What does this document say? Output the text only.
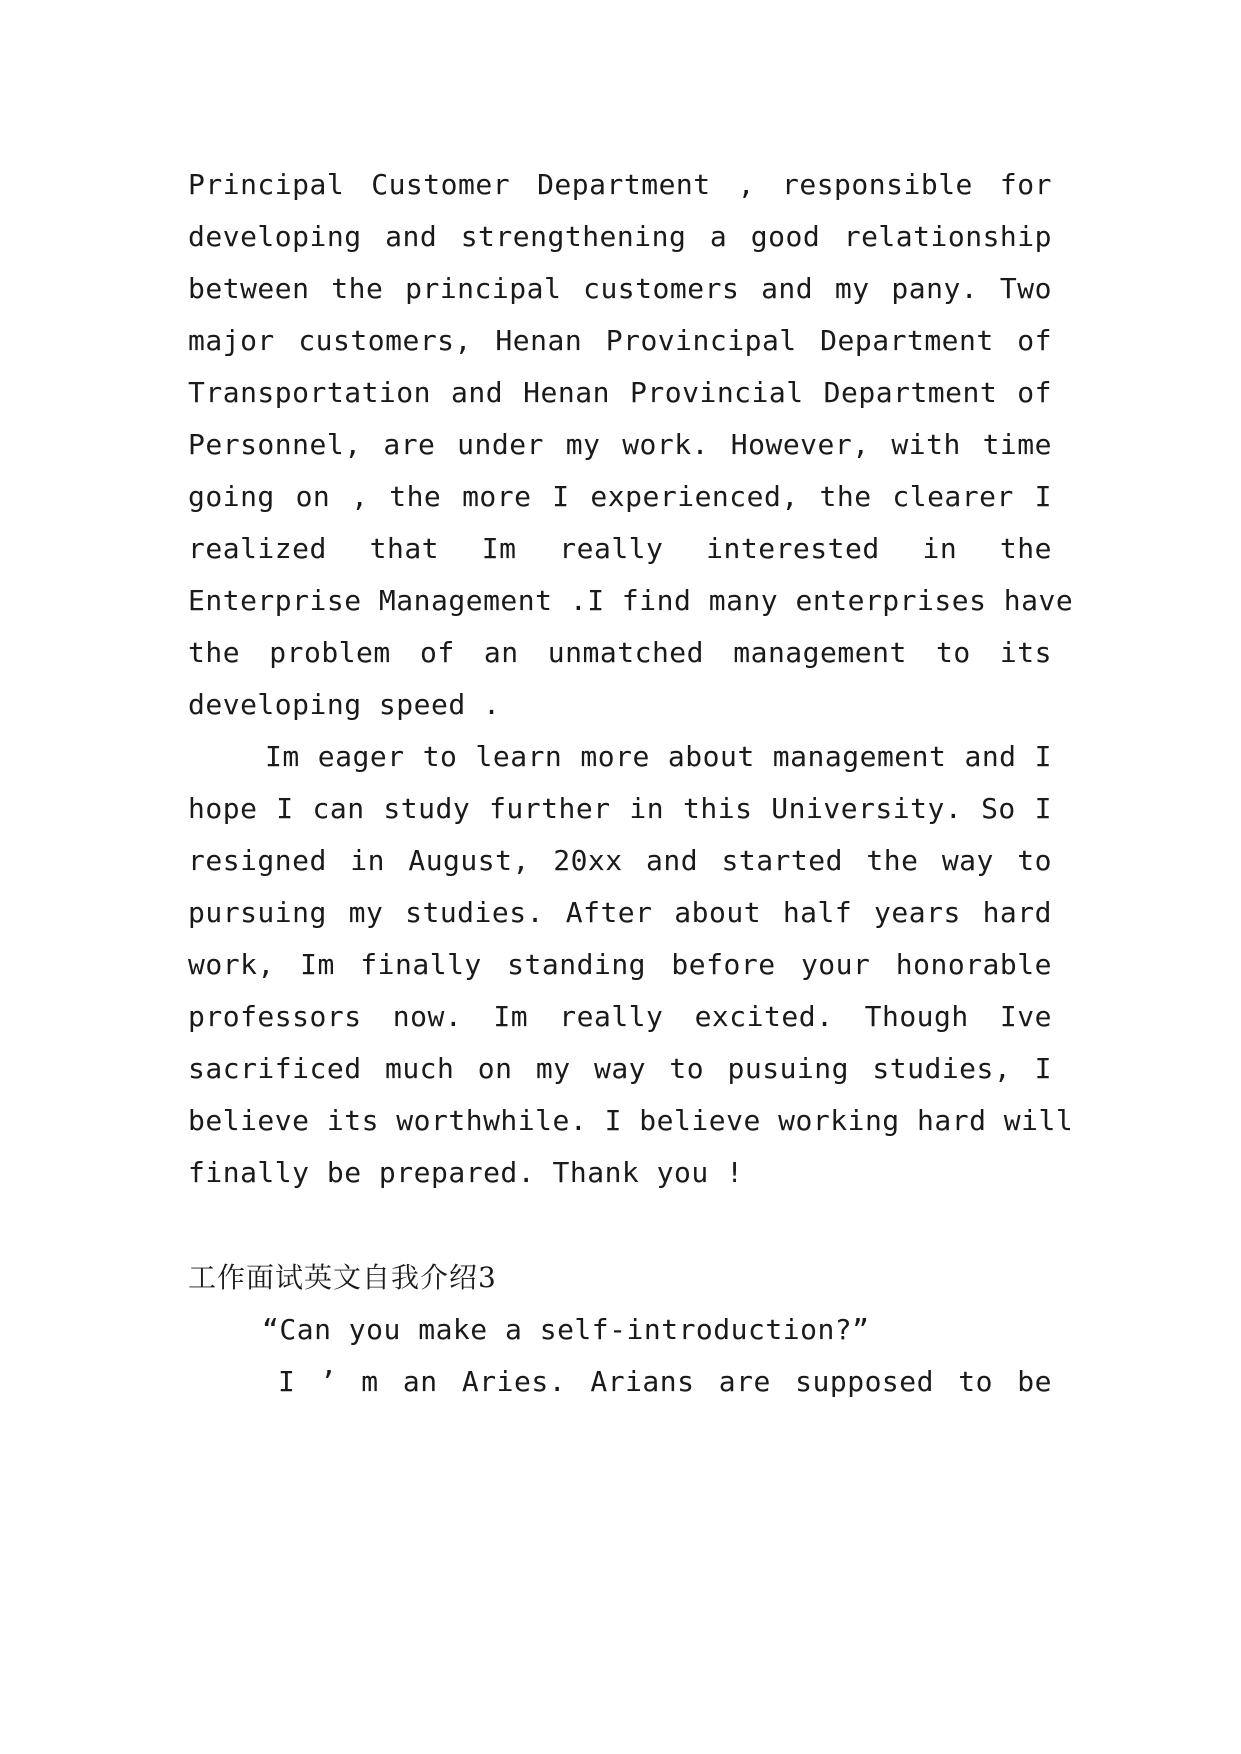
Principal Customer Department , responsible for
developing and strengthening a good relationship
between the principal customers and my pany. Two
major customers, Henan Provincipal Department of
Transportation and Henan Provincial Department of
Personnel, are under my work. However, with time
going on , the more I experienced, the clearer I
realized that Im really interested in the
Enterprise Management .I find many enterprises have
the problem of an unmatched management to its
developing speed .
Im eager to learn more about management and I
hope I can study further in this University. So I
resigned in August, 20xx and started the way to
pursuing my studies. After about half years hard
work, Im finally standing before your honorable
professors now. Im really excited. Though Ive
sacrificed much on my way to pusuing studies, I
believe its worthwhile. I believe working hard will
finally be prepared. Thank you !
工作面试英文自我介绍3
“Can you make a self-introduction?”
I ’ m an Aries. Arians are supposed to be
